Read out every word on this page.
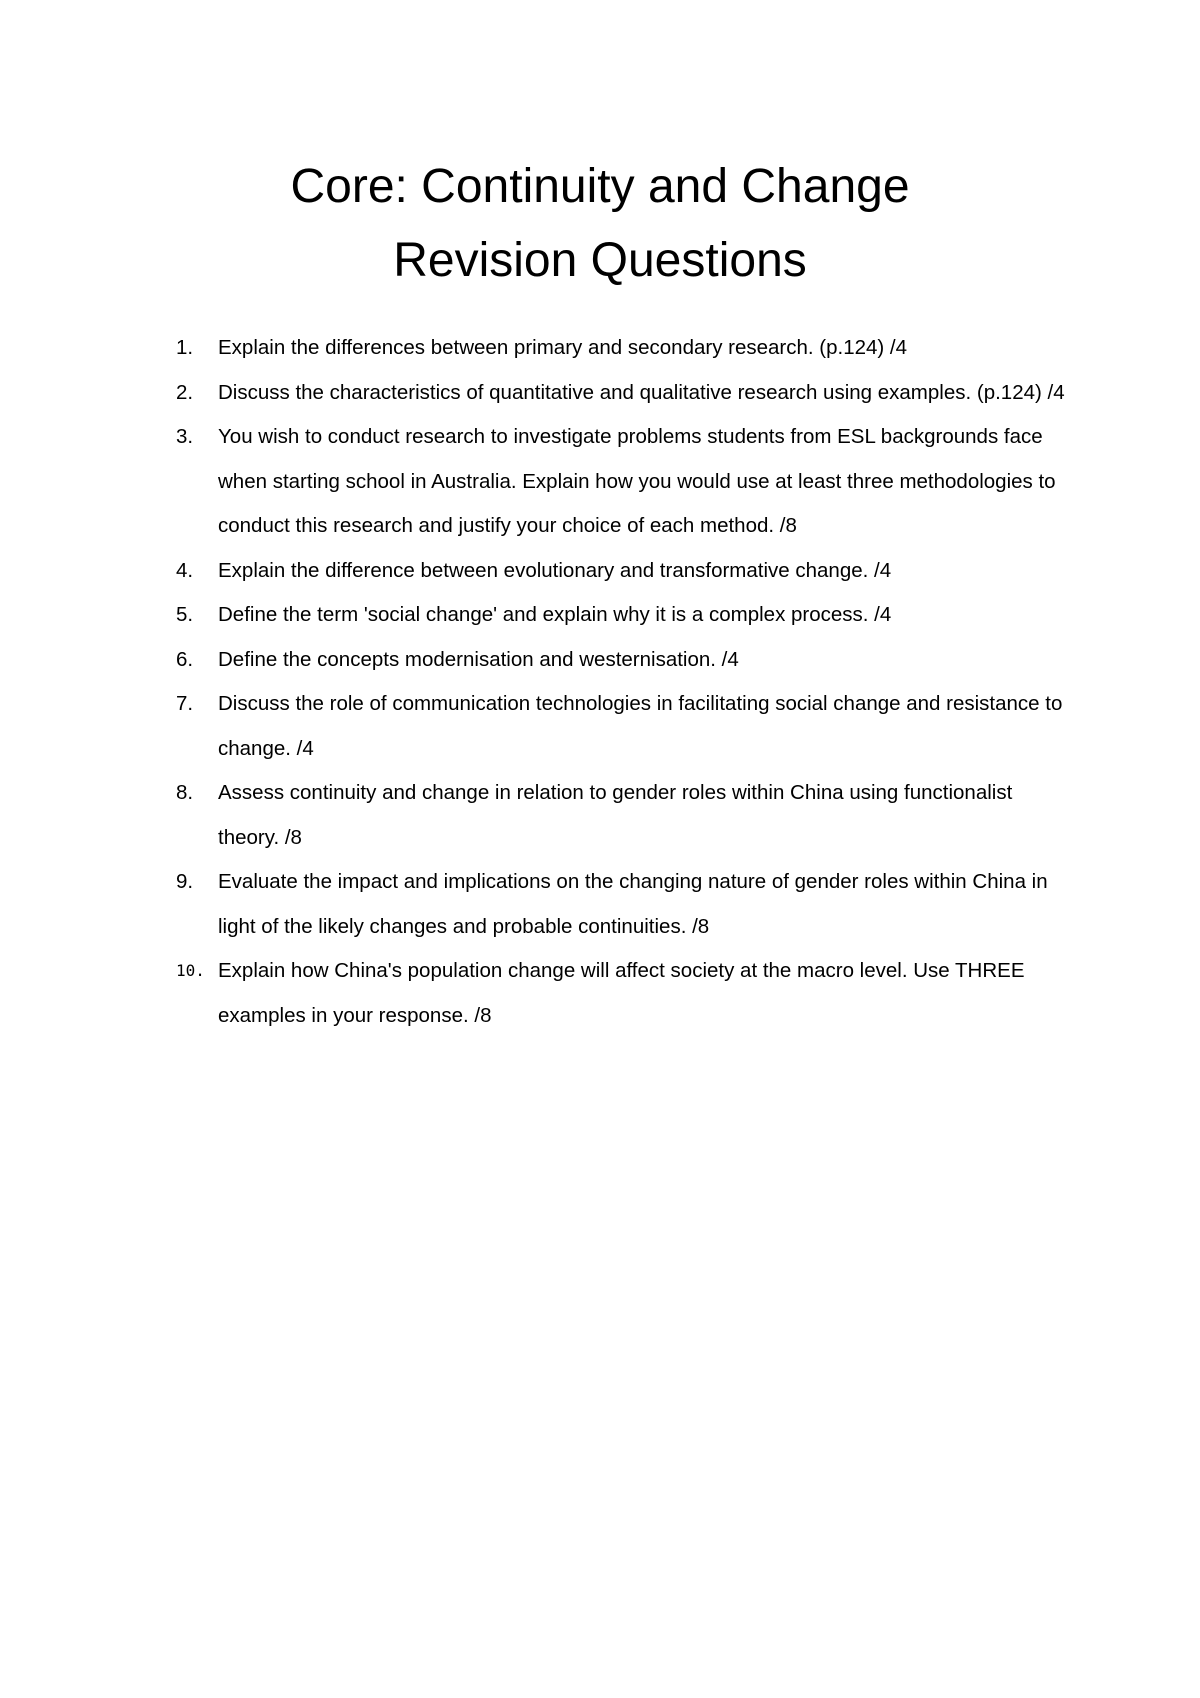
Core: Continuity and Change
Revision Questions
1.	Explain the differences between primary and secondary research. (p.124) /4
2.	Discuss the characteristics of quantitative and qualitative research using examples. (p.124) /4
3.	You wish to conduct research to investigate problems students from ESL backgrounds face when starting school in Australia. Explain how you would use at least three methodologies to conduct this research and justify your choice of each method. /8
4.	Explain the difference between evolutionary and transformative change. /4
5.	Define the term 'social change' and explain why it is a complex process. /4
6.	Define the concepts modernisation and westernisation. /4
7.	Discuss the role of communication technologies in facilitating social change and resistance to change. /4
8.	Assess continuity and change in relation to gender roles within China using functionalist theory. /8
9.	Evaluate the impact and implications on the changing nature of gender roles within China in light of the likely changes and probable continuities. /8
10. Explain how China's population change will affect society at the macro level. Use THREE examples in your response. /8
